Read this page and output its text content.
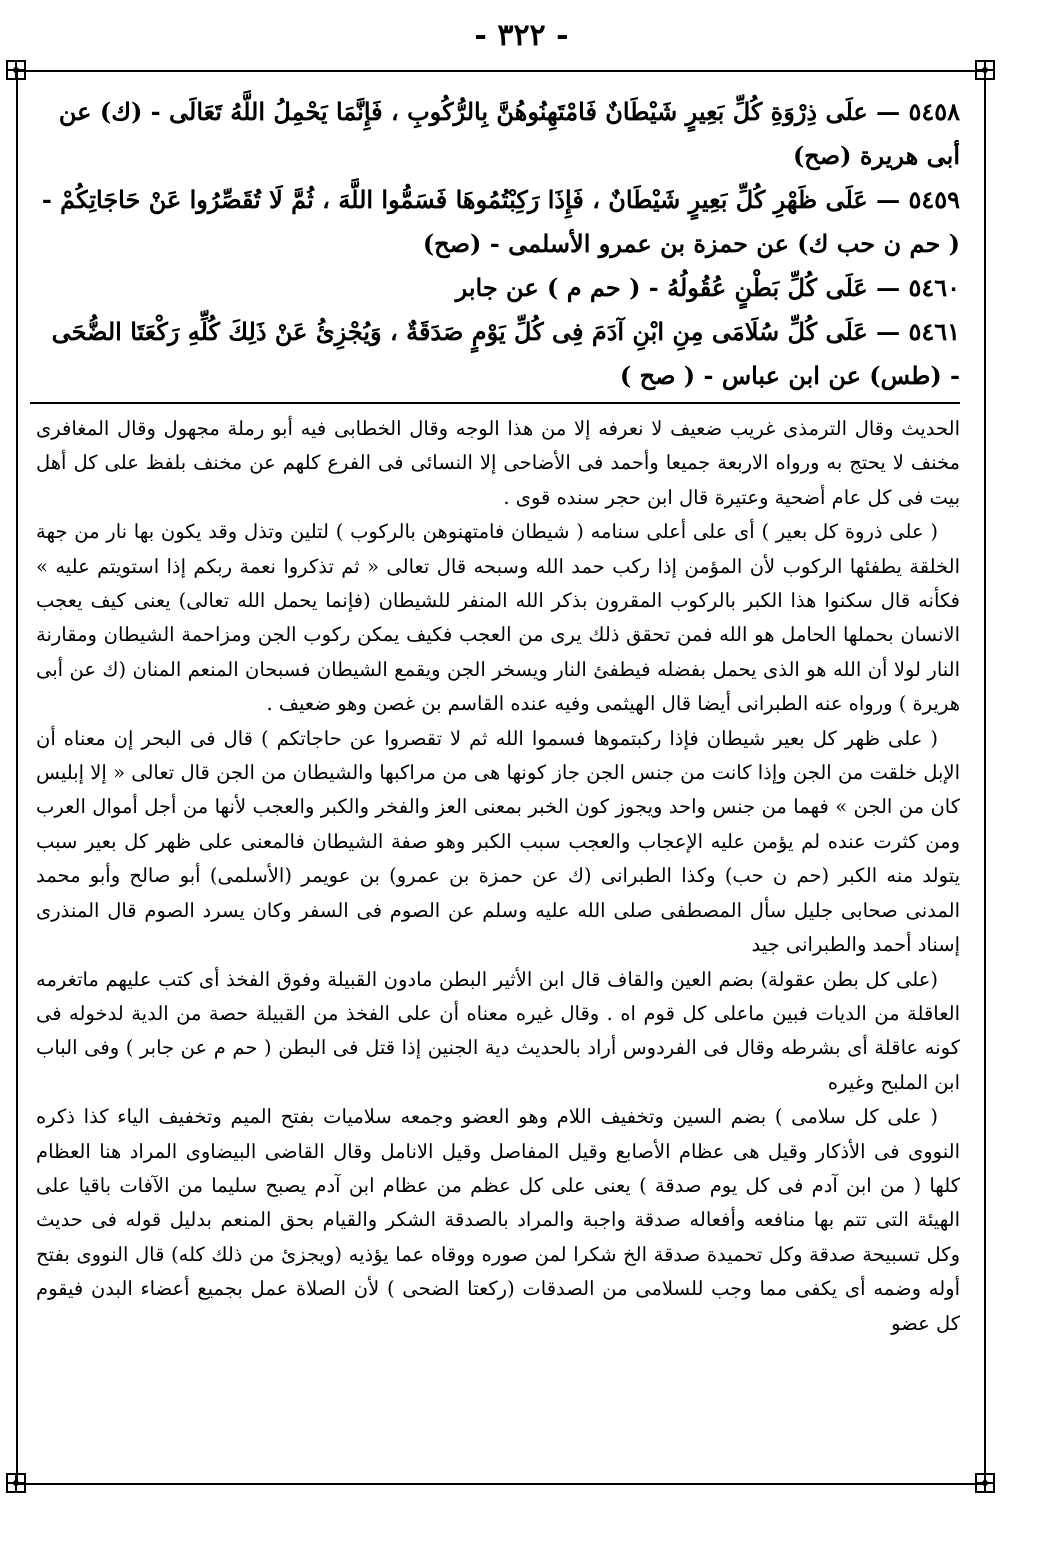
- ٣٢٢ -

٥٤٥٨ — علَى ذِرْوَةِ كُلِّ بَعِيرٍ شَيْطَانٌ فَامْتَهِنُوهُنَّ بِالرُّكُوبِ ، فَإِنَّمَا يَحْمِلُ اللَّهُ تَعَالَى - (ك) عن أبى هريرة (صح)

٥٤٥٩ — عَلَى ظَهْرِ كُلِّ بَعِيرٍ شَيْطَانٌ ، فَإِذَا رَكِبْتُمُوهَا فَسَمُّوا اللَّهَ ، ثُمَّ لَا تُقَصِّرُوا عَنْ حَاجَاتِكُمْ - ( حم ن حب ك) عن حمزة بن عمرو الأسلمى - (صح)

٥٤٦٠ — عَلَى كُلِّ بَطْنٍ عُقُولُهُ - ( حم م ) عن جابر

٥٤٦١ — عَلَى كُلِّ سُلَامَى مِنِ ابْنِ آدَمَ فِى كُلِّ يَوْمٍ صَدَقَةٌ ، وَيُجْزِئُ عَنْ ذَلِكَ كُلِّهِ رَكْعَتَا الضُّحَى - (طس) عن ابن عباس - ( صح )

الحديث وقال الترمذى غريب ضعيف لا نعرفه إلا من هذا الوجه وقال الخطابى فيه أبو رملة مجهول وقال المغافرى مخنف لا يحتج به ورواه الاربعة جميعا وأحمد فى الأضاحى إلا النسائى فى الفرع كلهم عن مخنف بلفظ على كل أهل بيت فى كل عام أضحية وعتيرة قال ابن حجر سنده قوى .

( على ذروة كل بعير ) أى على أعلى سنامه ( شيطان فامتهنوهن بالركوب ) لتلين وتذل وقد يكون بها نار من جهة الخلقة يطفئها الركوب لأن المؤمن إذا ركب حمد الله وسبحه قال تعالى « ثم تذكروا نعمة ربكم إذا استويتم عليه » فكأنه قال سكنوا هذا الكبر بالركوب المقرون بذكر الله المنفر للشيطان (فإنما يحمل الله تعالى) يعنى كيف يعجب الانسان بحملها الحامل هو الله فمن تحقق ذلك يرى من العجب فكيف يمكن ركوب الجن ومزاحمة الشيطان ومقارنة النار لولا أن الله هو الذى يحمل بفضله فيطفئ النار ويسخر الجن ويقمع الشيطان فسبحان المنعم المنان (ك عن أبى هريرة ) ورواه عنه الطبرانى أيضا قال الهيثمى وفيه عنده القاسم بن غصن وهو ضعيف .

( على ظهر كل بعير شيطان فإذا ركبتموها فسموا الله ثم لا تقصروا عن حاجاتكم ) قال فى البحر إن معناه أن الإبل خلقت من الجن وإذا كانت من جنس الجن جاز كونها هى من مراكبها والشيطان من الجن قال تعالى « إلا إبليس كان من الجن » فهما من جنس واحد ويجوز كون الخبر بمعنى العز والفخر والكبر والعجب لأنها من أجل أموال العرب ومن كثرت عنده لم يؤمن عليه الإعجاب والعجب سبب الكبر وهو صفة الشيطان فالمعنى على ظهر كل بعير سبب يتولد منه الكبر (حم ن حب) وكذا الطبرانى (ك عن حمزة بن عمرو) بن عويمر (الأسلمى) أبو صالح وأبو محمد المدنى صحابى جليل سأل المصطفى صلى الله عليه وسلم عن الصوم فى السفر وكان يسرد الصوم قال المنذرى إسناد أحمد والطبرانى جيد

(على كل بطن عقولة) بضم العين والقاف قال ابن الأثير البطن مادون القبيلة وفوق الفخذ أى كتب عليهم ماتغرمه العاقلة من الديات فبين ماعلى كل قوم اه . وقال غيره معناه أن على الفخذ من القبيلة حصة من الدية لدخوله فى كونه عاقلة أى بشرطه وقال فى الفردوس أراد بالحديث دية الجنين إذا قتل فى البطن ( حم م عن جابر ) وفى الباب ابن الملبح وغيره

( على كل سلامى ) بضم السين وتخفيف اللام وهو العضو وجمعه سلاميات بفتح الميم وتخفيف الياء كذا ذكره النووى فى الأذكار وقيل هى عظام الأصابع وقيل المفاصل وقيل الانامل وقال القاضى البيضاوى المراد هنا العظام كلها ( من ابن آدم فى كل يوم صدقة ) يعنى على كل عظم من عظام ابن آدم يصبح سليما من الآفات باقيا على الهيئة التى تتم بها منافعه وأفعاله صدقة واجبة والمراد بالصدقة الشكر والقيام بحق المنعم بدليل قوله فى حديث وكل تسبيحة صدقة وكل تحميدة صدقة الخ شكرا لمن صوره ووقاه عما يؤذيه (ويجزئ من ذلك كله) قال النووى بفتح أوله وضمه أى يكفى مما وجب للسلامى من الصدقات (ركعتا الضحى ) لأن الصلاة عمل بجميع أعضاء البدن فيقوم كل عضو
